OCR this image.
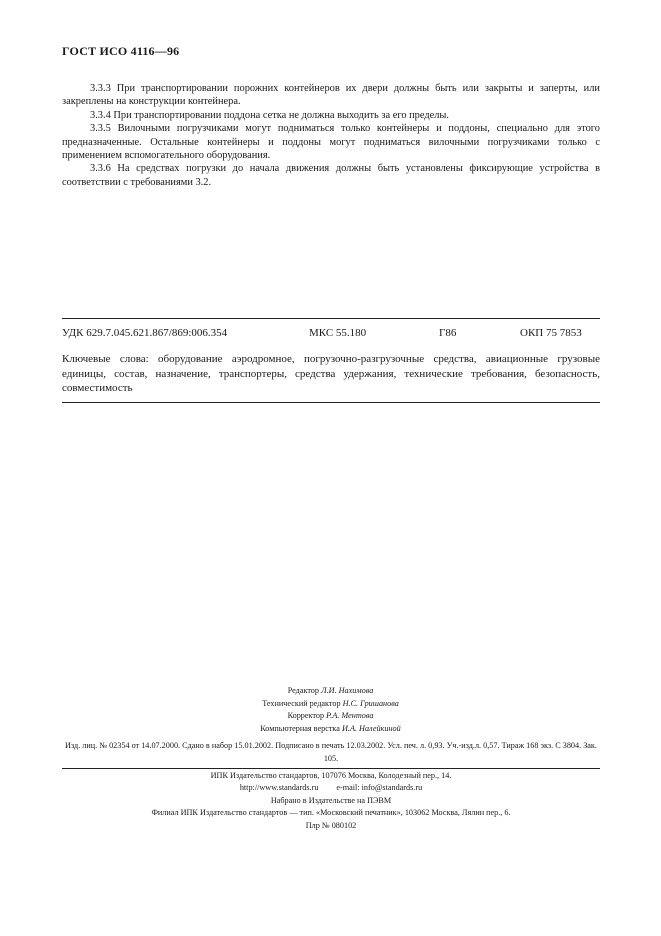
ГОСТ ИСО 4116—96

3.3.3 При транспортировании порожних контейнеров их двери должны быть или закрыты и заперты, или закреплены на конструкции контейнера.

3.3.4 При транспортировании поддона сетка не должна выходить за его пределы.

3.3.5 Вилочными погрузчиками могут подниматься только контейнеры и поддоны, специально для этого предназначенные. Остальные контейнеры и поддоны могут подниматься вилочными погрузчиками только с применением вспомогательного оборудования.

3.3.6 На средствах погрузки до начала движения должны быть установлены фиксирующие устройства в соответствии с требованиями 3.2.

УДК 629.7.045.621.867/869:006.354	МКС 55.180	Г86	ОКП 75 7853

Ключевые слова: оборудование аэродромное, погрузочно-разгрузочные средства, авиационные грузовые единицы, состав, назначение, транспортеры, средства удержания, технические требования, безопасность, совместимость

Редактор Л.И. Нахимова
Технический редактор Н.С. Гришанова
Корректор Р.А. Ментова
Компьютерная верстка И.А. Налейкиной

Изд. лиц. № 02354 от 14.07.2000. Сдано в набор 15.01.2002. Подписано в печать 12.03.2002. Усл. печ. л. 0,93. Уч.-изд.л. 0,57. Тираж 168 экз. С 3804. Зак. 105.

ИПК Издательство стандартов, 107076 Москва, Колодезный пер., 14.
http://www.standards.ru e-mail: info@standards.ru
Набрано в Издательстве на ПЭВМ
Филиал ИПК Издательство стандартов — тип. «Московский печатник», 103062 Москва, Лялин пер., 6.
Плр № 080102
